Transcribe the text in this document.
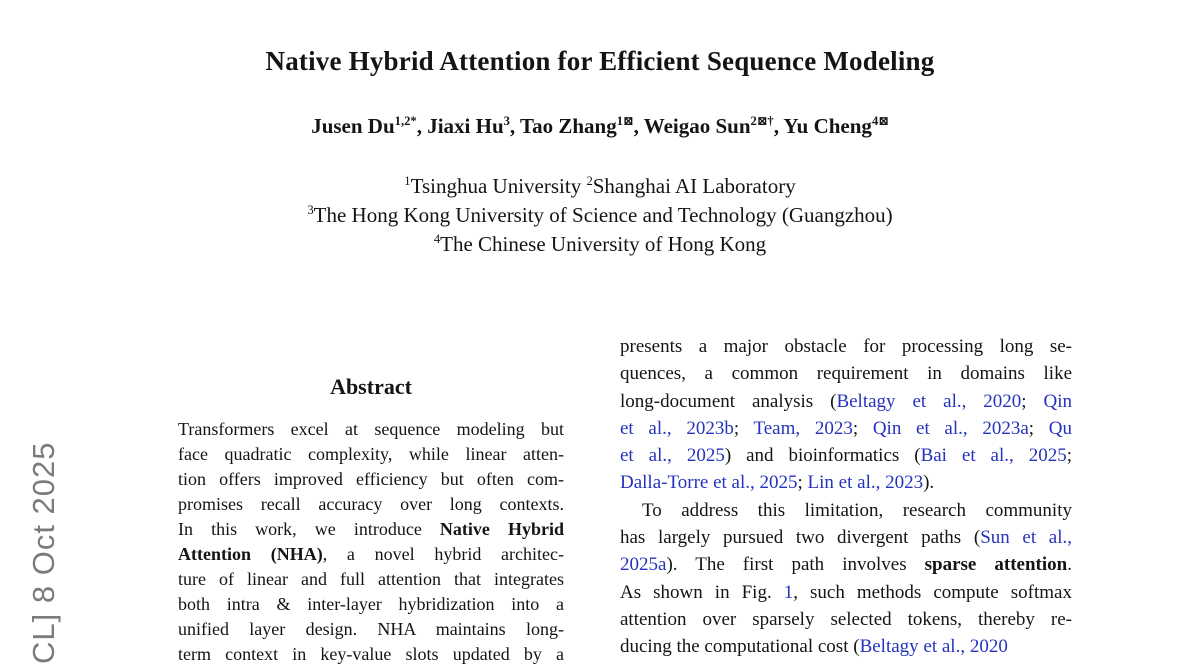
CL] 8 Oct 2025
Native Hybrid Attention for Efficient Sequence Modeling
Jusen $Du^{1,2*}$, Jiaxi Hu$^3$, Tao Zhang$^{1⊠}$, Weigao Sun$^{2⊠\dagger}$, Yu Cheng$^{4⊠}$
$^1$Tsinghua University $^2$Shanghai AI Laboratory
$^3$The Hong Kong University of Science and Technology (Guangzhou)
$^4$The Chinese University of Hong Kong
Abstract
Transformers excel at sequence modeling but
face quadratic complexity, while linear atten-
tion offers improved efficiency but often com-
promises recall accuracy over long contexts.
In this work, we introduce Native Hybrid
Attention (NHA), a novel hybrid architec-
ture of linear and full attention that integrates
both intra & inter-layer hybridization into a
unified layer design. NHA maintains long-
term context in key-value slots updated by a
presents a major obstacle for processing long se-
quences, a common requirement in domains like
long-document analysis (Beltagy et al., 2020; Qin
et al., 2023b; Team, 2023; Qin et al., 2023a; Qu
et al., 2025) and bioinformatics (Bai et al., 2025;
Dalla-Torre et al., 2025; Lin et al., 2023).
To address this limitation, research community
has largely pursued two divergent paths (Sun et al.,
2025a). The first path involves sparse attention.
As shown in Fig. 1, such methods compute softmax
attention over sparsely selected tokens, thereby re-
ducing the computational cost (Beltagy et al., 2020
